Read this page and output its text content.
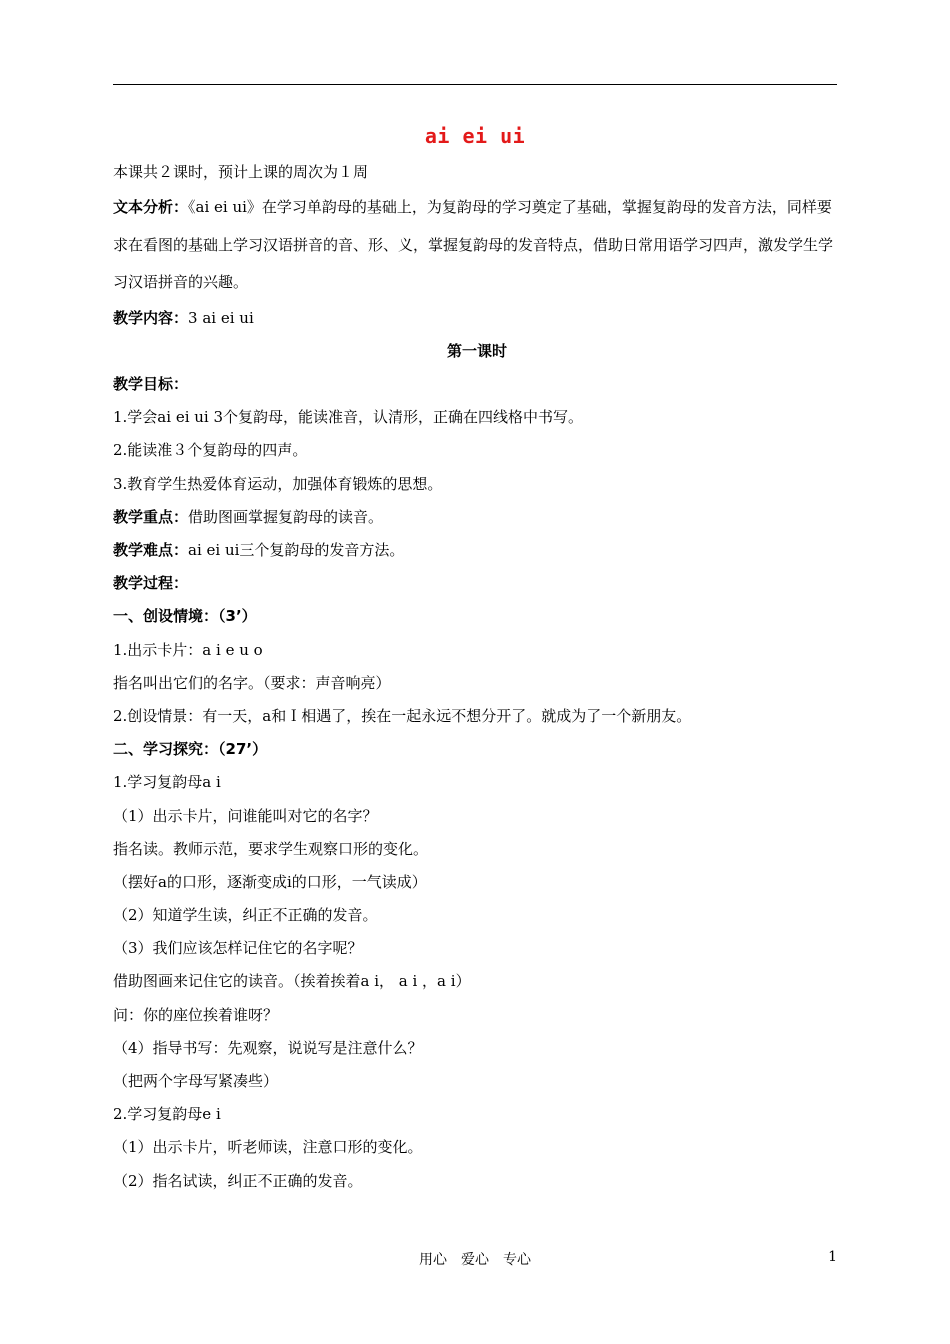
ai ei ui
本课共２课时，预计上课的周次为１周
文本分析：《ai ei ui》在学习单韵母的基础上，为复韵母的学习奠定了基础，掌握复韵母的发音方法，同样要求在看图的基础上学习汉语拼音的音、形、义，掌握复韵母的发音特点，借助日常用语学习四声，激发学生学习汉语拼音的兴趣。
教学内容：3 ai ei ui
第一课时
教学目标：
1.学会ai ei ui 3个复韵母，能读准音，认清形，正确在四线格中书写。
2.能读准３个复韵母的四声。
3.教育学生热爱体育运动，加强体育锻炼的思想。
教学重点：借助图画掌握复韵母的读音。
教学难点：ai ei ui三个复韵母的发音方法。
教学过程：
一、创设情境：（3’）
1.出示卡片：a i e u o
指名叫出它们的名字。（要求：声音响亮）
2.创设情景：有一天，a和Ｉ相遇了，挨在一起永远不想分开了。就成为了一个新朋友。
二、学习探究：（27’）
1.学习复韵母a i
（1）出示卡片，问谁能叫对它的名字？
指名读。教师示范，要求学生观察口形的变化。
（摆好a的口形，逐渐变成i的口形，一气读成）
（2）知道学生读，纠正不正确的发音。
（3）我们应该怎样记住它的名字呢？
借助图画来记住它的读音。（挨着挨着a i， a i ，a i）
问：你的座位挨着谁呀？
（4）指导书写：先观察，说说写是注意什么？
（把两个字母写紧凑些）
2.学习复韵母e i
（1）出示卡片，听老师读，注意口形的变化。
（2）指名试读，纠正不正确的发音。
用心　爱心　专心	1
